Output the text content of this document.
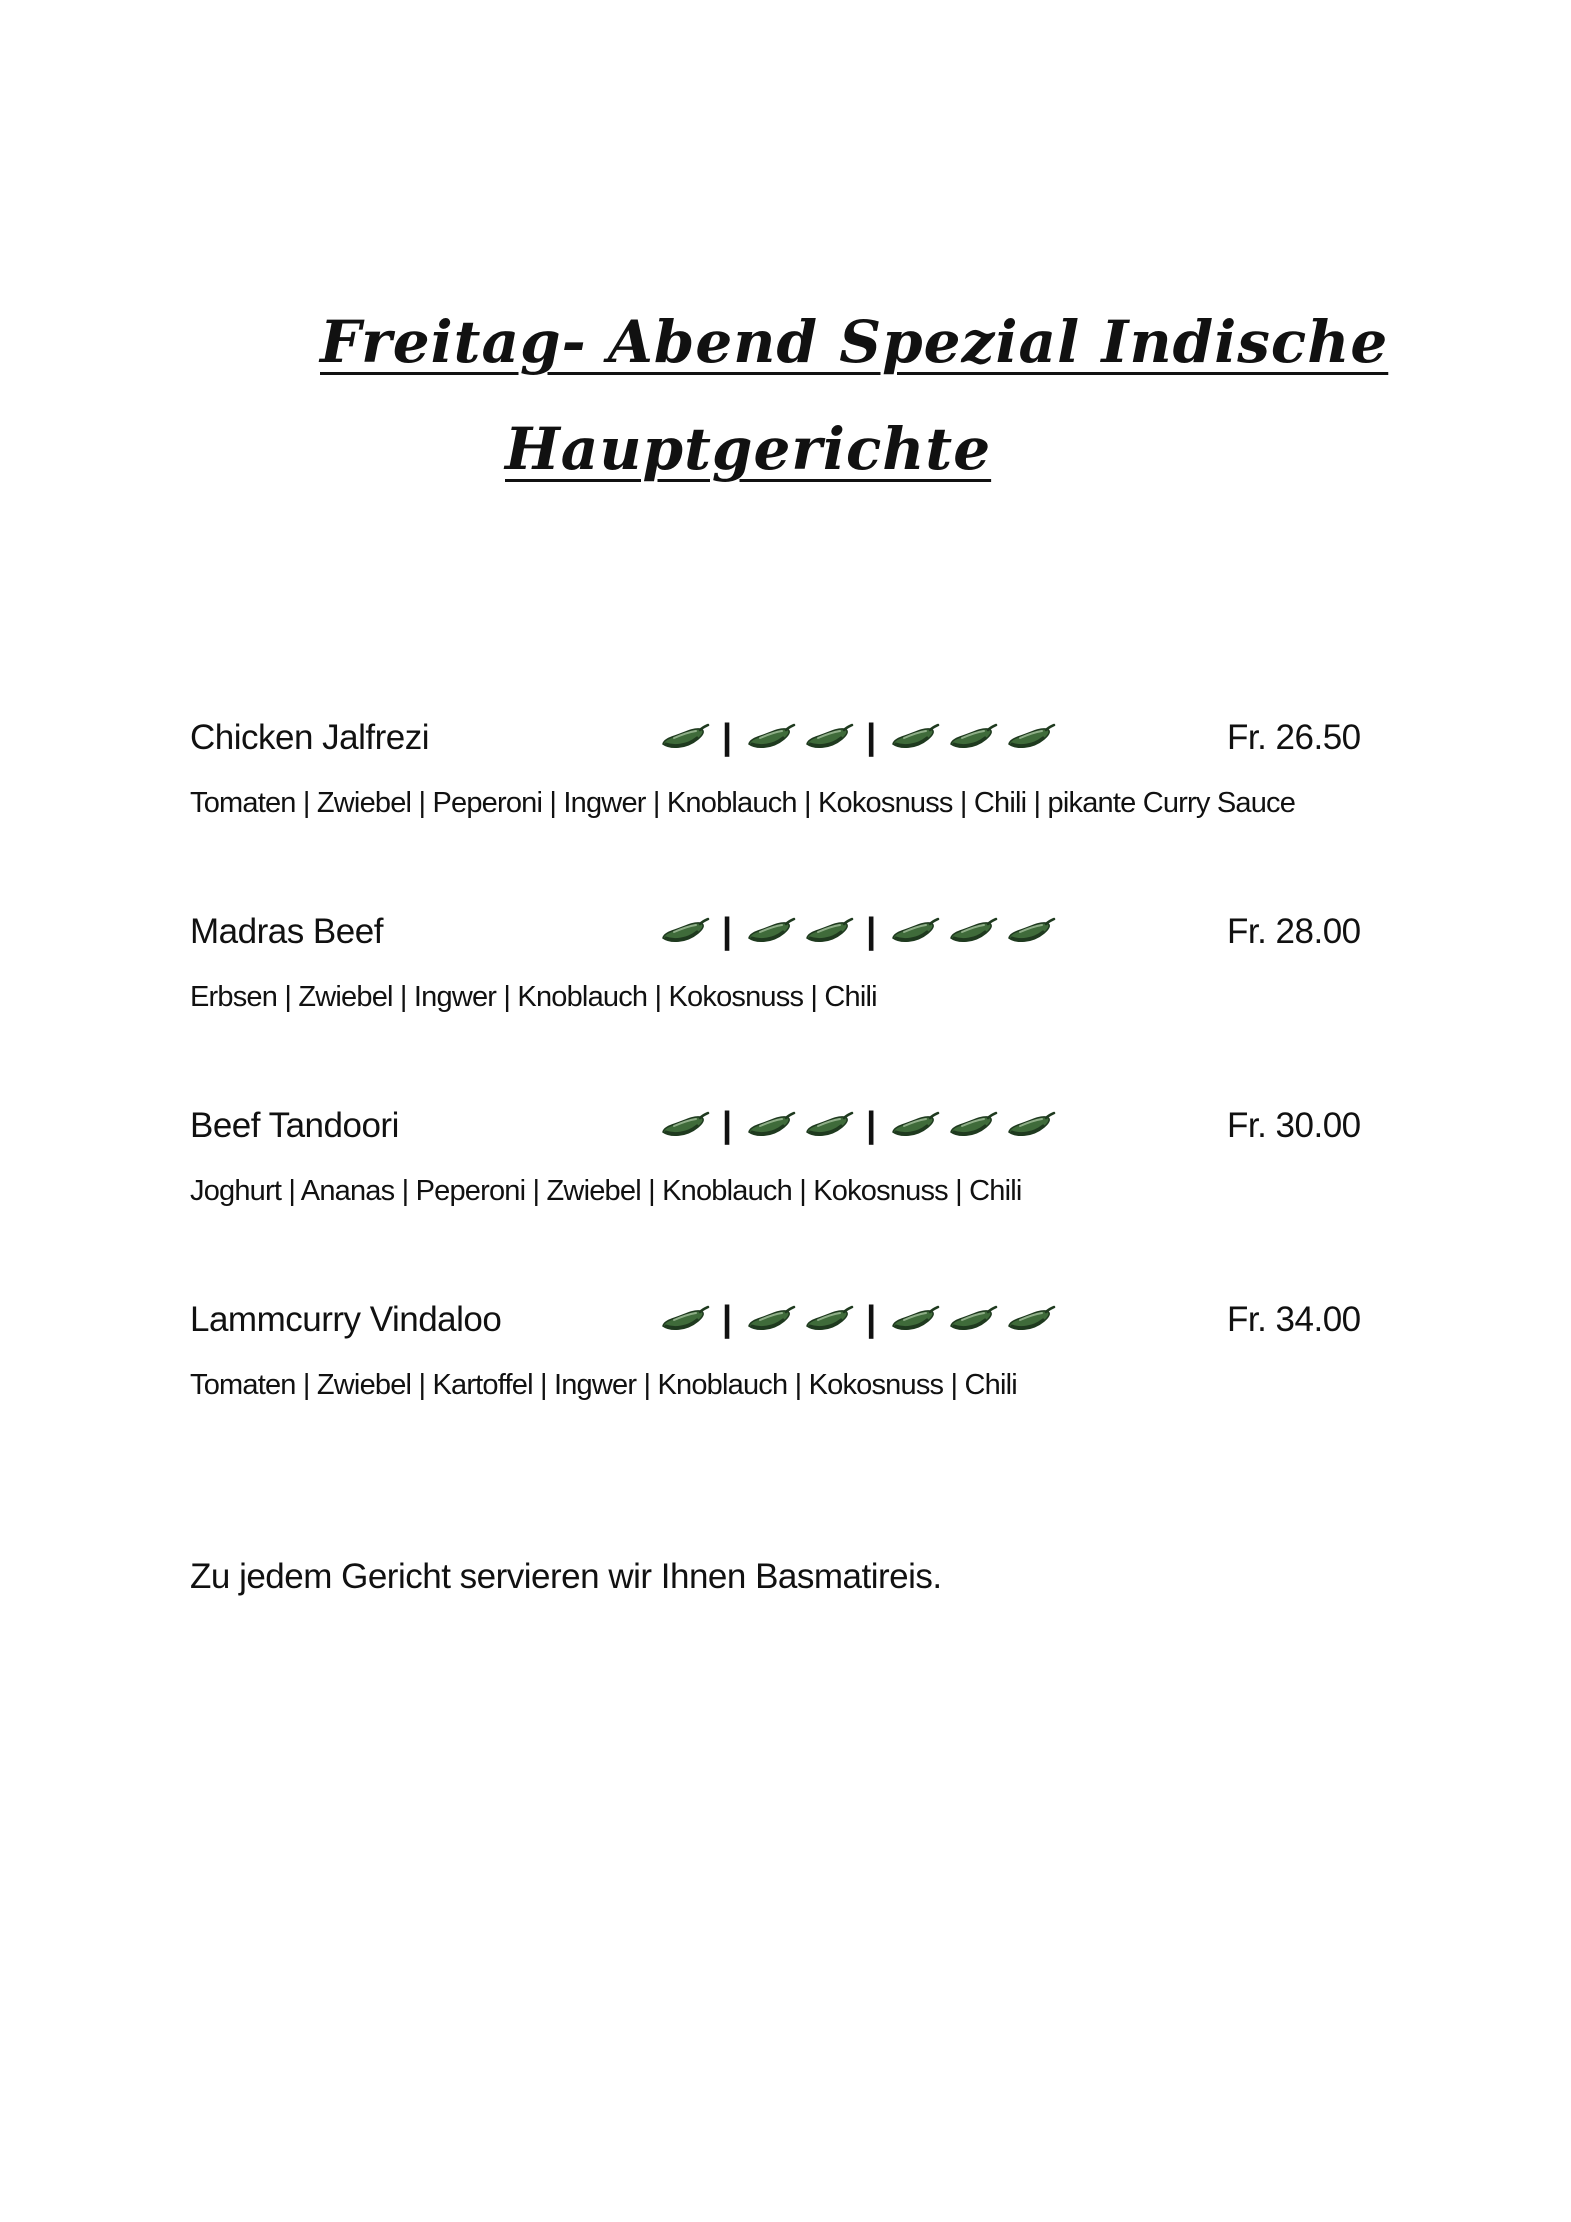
Freitag- Abend Spezial Indische
Hauptgerichte
Chicken Jalfrezi	|	|	Fr. 26.50
Tomaten | Zwiebel | Peperoni | Ingwer | Knoblauch | Kokosnuss | Chili | pikante Curry Sauce
Madras Beef	|	|	Fr. 28.00
Erbsen | Zwiebel | Ingwer | Knoblauch | Kokosnuss | Chili
Beef Tandoori	|	|	Fr. 30.00
Joghurt | Ananas | Peperoni | Zwiebel | Knoblauch | Kokosnuss | Chili
Lammcurry Vindaloo	|	|	Fr. 34.00
Tomaten | Zwiebel | Kartoffel | Ingwer | Knoblauch | Kokosnuss | Chili
Zu jedem Gericht servieren wir Ihnen Basmatireis.
